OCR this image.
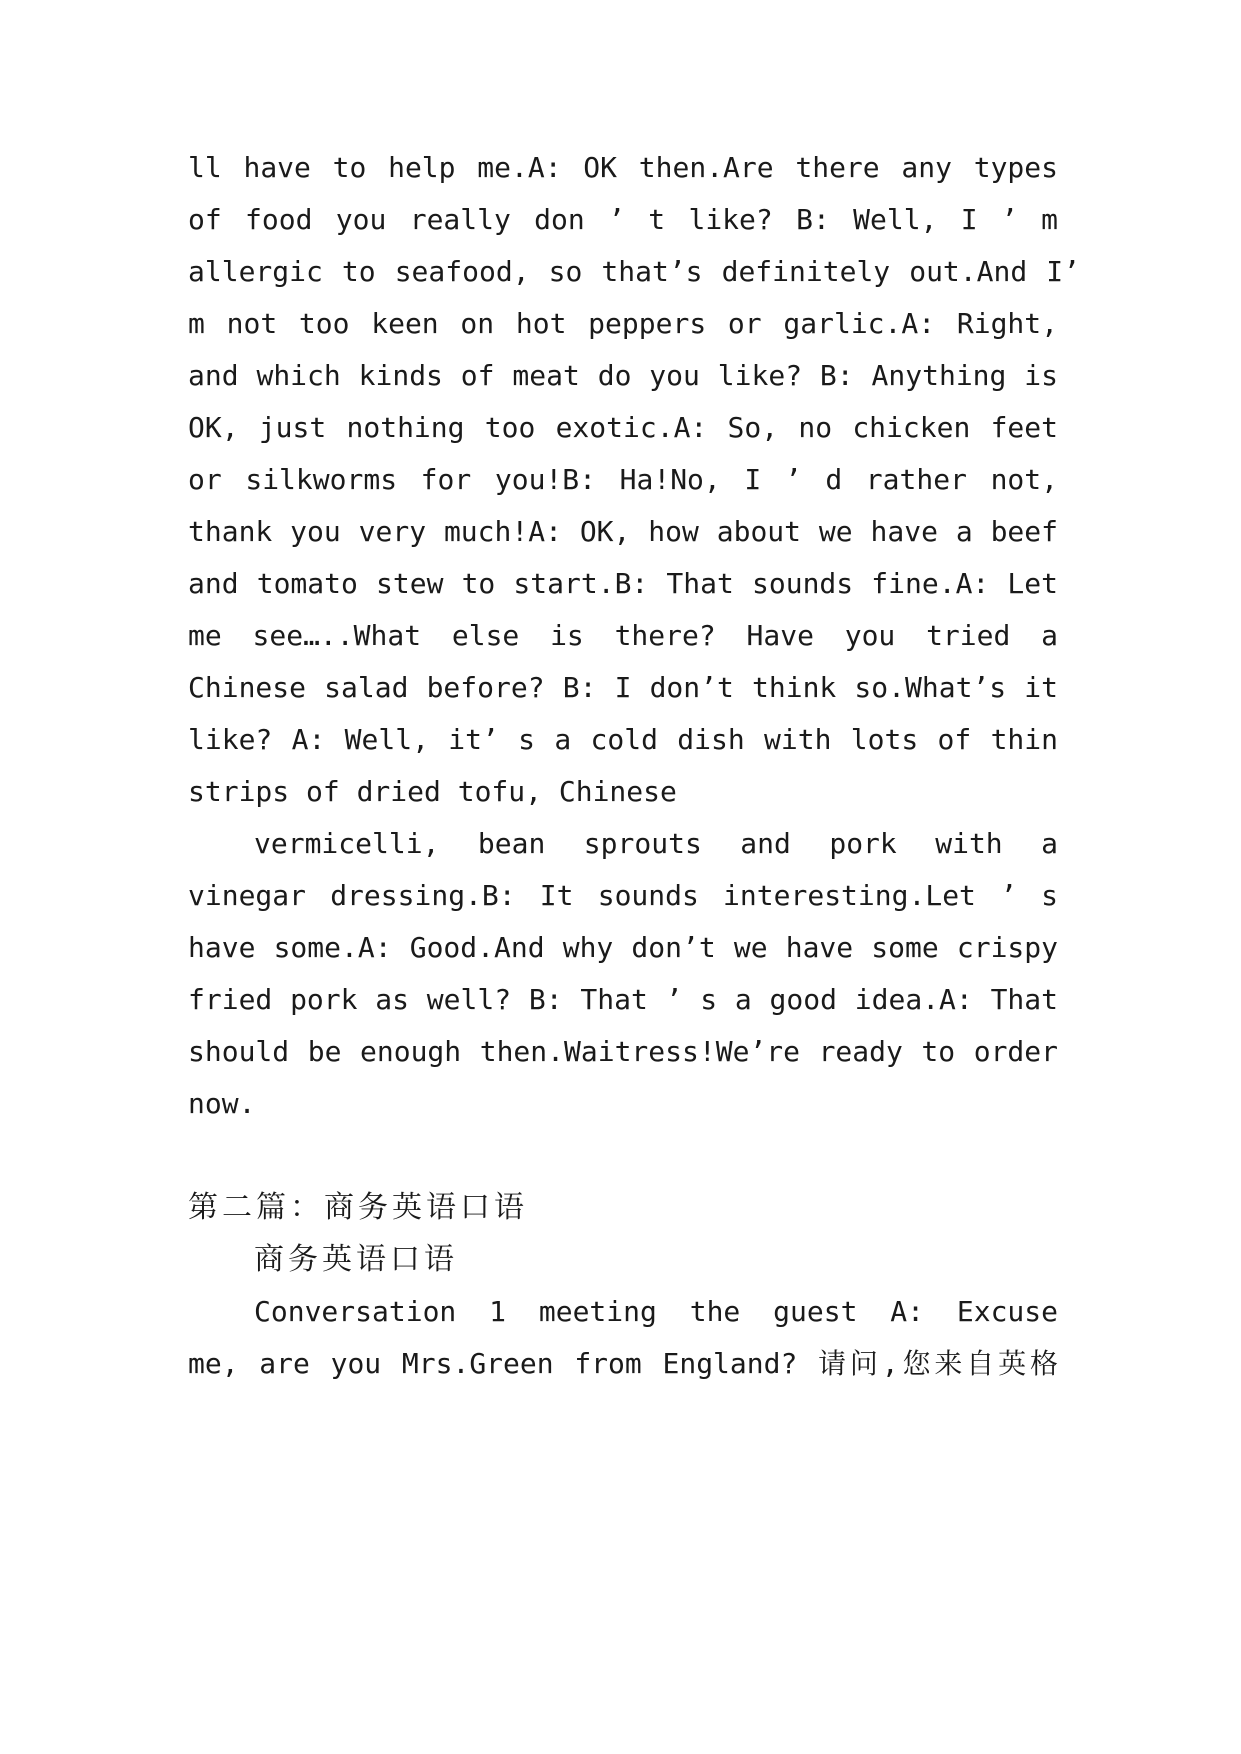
ll have to help me.A: OK then.Are there any types
of food you really don ’ t like? B: Well, I ’ m
allergic to seafood, so that’s definitely out.And I’
m not too keen on hot peppers or garlic.A: Right,
and which kinds of meat do you like? B: Anything is
OK, just nothing too exotic.A: So, no chicken feet
or silkworms for you!B: Ha!No, I ’ d rather not,
thank you very much!A: OK, how about we have a beef
and tomato stew to start.B: That sounds fine.A: Let
me see…..What else is there? Have you tried a
Chinese salad before? B: I don’t think so.What’s it
like? A: Well, it’ s a cold dish with lots of thin
strips of dried tofu, Chinese
vermicelli, bean sprouts and pork with a
vinegar dressing.B: It sounds interesting.Let ’ s
have some.A: Good.And why don’t we have some crispy
fried pork as well? B: That ’ s a good idea.A: That
should be enough then.Waitress!We’re ready to order
now.
第二篇：商务英语口语
商务英语口语
Conversation 1 meeting the guest A: Excuse
me, are you Mrs.Green from England? 请问,您来自英格
